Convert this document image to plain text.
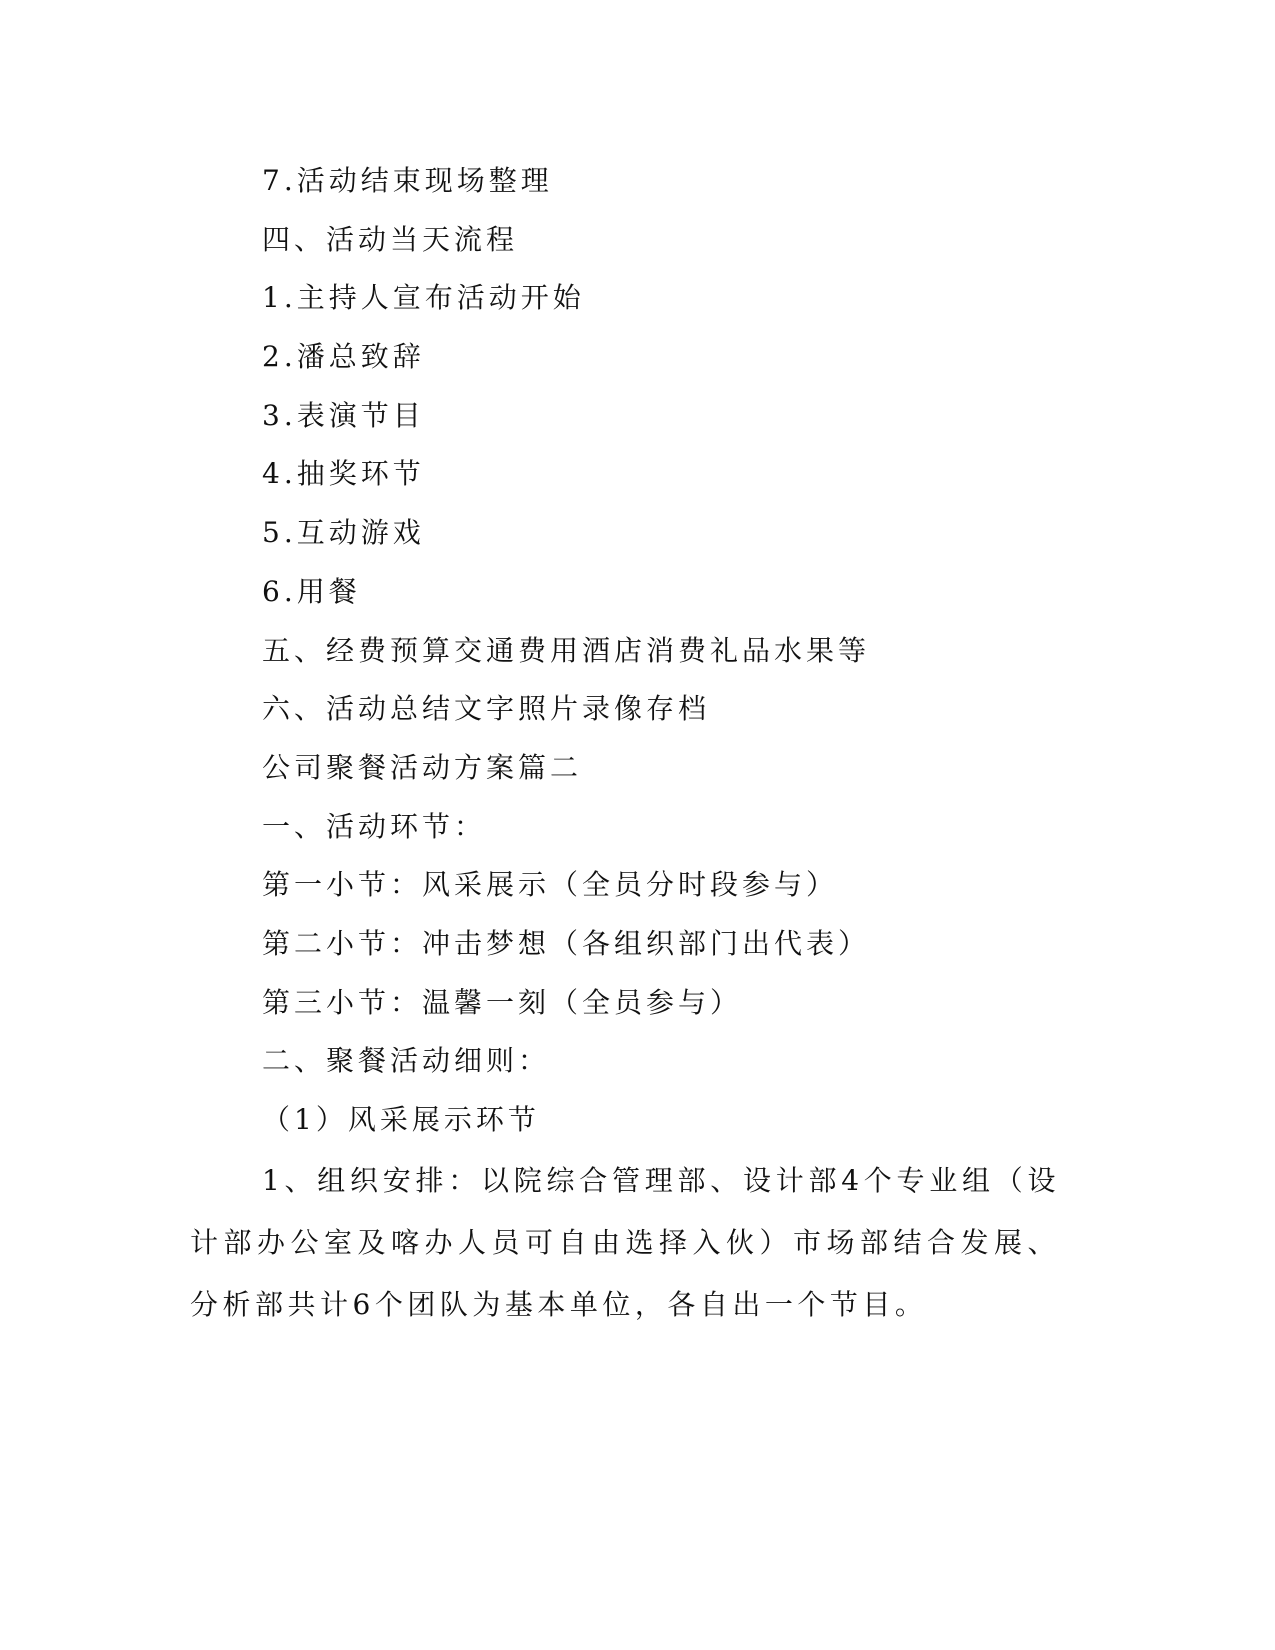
7.活动结束现场整理
四、活动当天流程
1.主持人宣布活动开始
2.潘总致辞
3.表演节目
4.抽奖环节
5.互动游戏
6.用餐
五、经费预算交通费用酒店消费礼品水果等
六、活动总结文字照片录像存档
公司聚餐活动方案篇二
一、活动环节：
第一小节：风采展示（全员分时段参与）
第二小节：冲击梦想（各组织部门出代表）
第三小节：温馨一刻（全员参与）
二、聚餐活动细则：
（1）风采展示环节
1、组织安排：以院综合管理部、设计部4个专业组（设计部办公室及喀办人员可自由选择入伙）市场部结合发展、分析部共计6个团队为基本单位，各自出一个节目。
